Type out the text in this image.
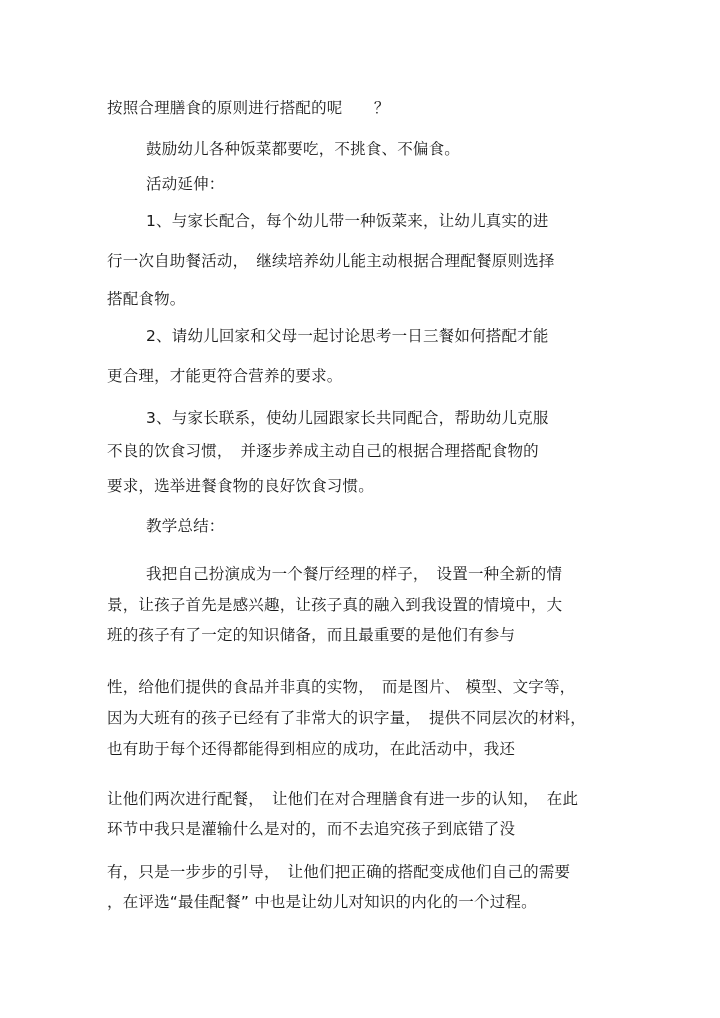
按照合理膳食的原则进行搭配的呢　　？

鼓励幼儿各种饭菜都要吃，不挑食、不偏食。

活动延伸：

1、与家长配合，每个幼儿带一种饭菜来，让幼儿真实的进

行一次自助餐活动，　继续培养幼儿能主动根据合理配餐原则选择

搭配食物。

2、请幼儿回家和父母一起讨论思考一日三餐如何搭配才能

更合理，才能更符合营养的要求。

3、与家长联系，使幼儿园跟家长共同配合，帮助幼儿克服

不良的饮食习惯，　并逐步养成主动自己的根据合理搭配食物的

要求，选举进餐食物的良好饮食习惯。

教学总结：

我把自己扮演成为一个餐厅经理的样子，　设置一种全新的情

景，让孩子首先是感兴趣，让孩子真的融入到我设置的情境中，大

班的孩子有了一定的知识储备，而且最重要的是他们有参与

性，给他们提供的食品并非真的实物，　而是图片、 模型、文字等，

因为大班有的孩子已经有了非常大的识字量，　提供不同层次的材料，

也有助于每个还得都能得到相应的成功，在此活动中，我还

让他们两次进行配餐，　让他们在对合理膳食有进一步的认知，　在此

环节中我只是灌输什么是对的，而不去追究孩子到底错了没

有，只是一步步的引导，　让他们把正确的搭配变成他们自己的需要

，在评选“最佳配餐” 中也是让幼儿对知识的内化的一个过程。
